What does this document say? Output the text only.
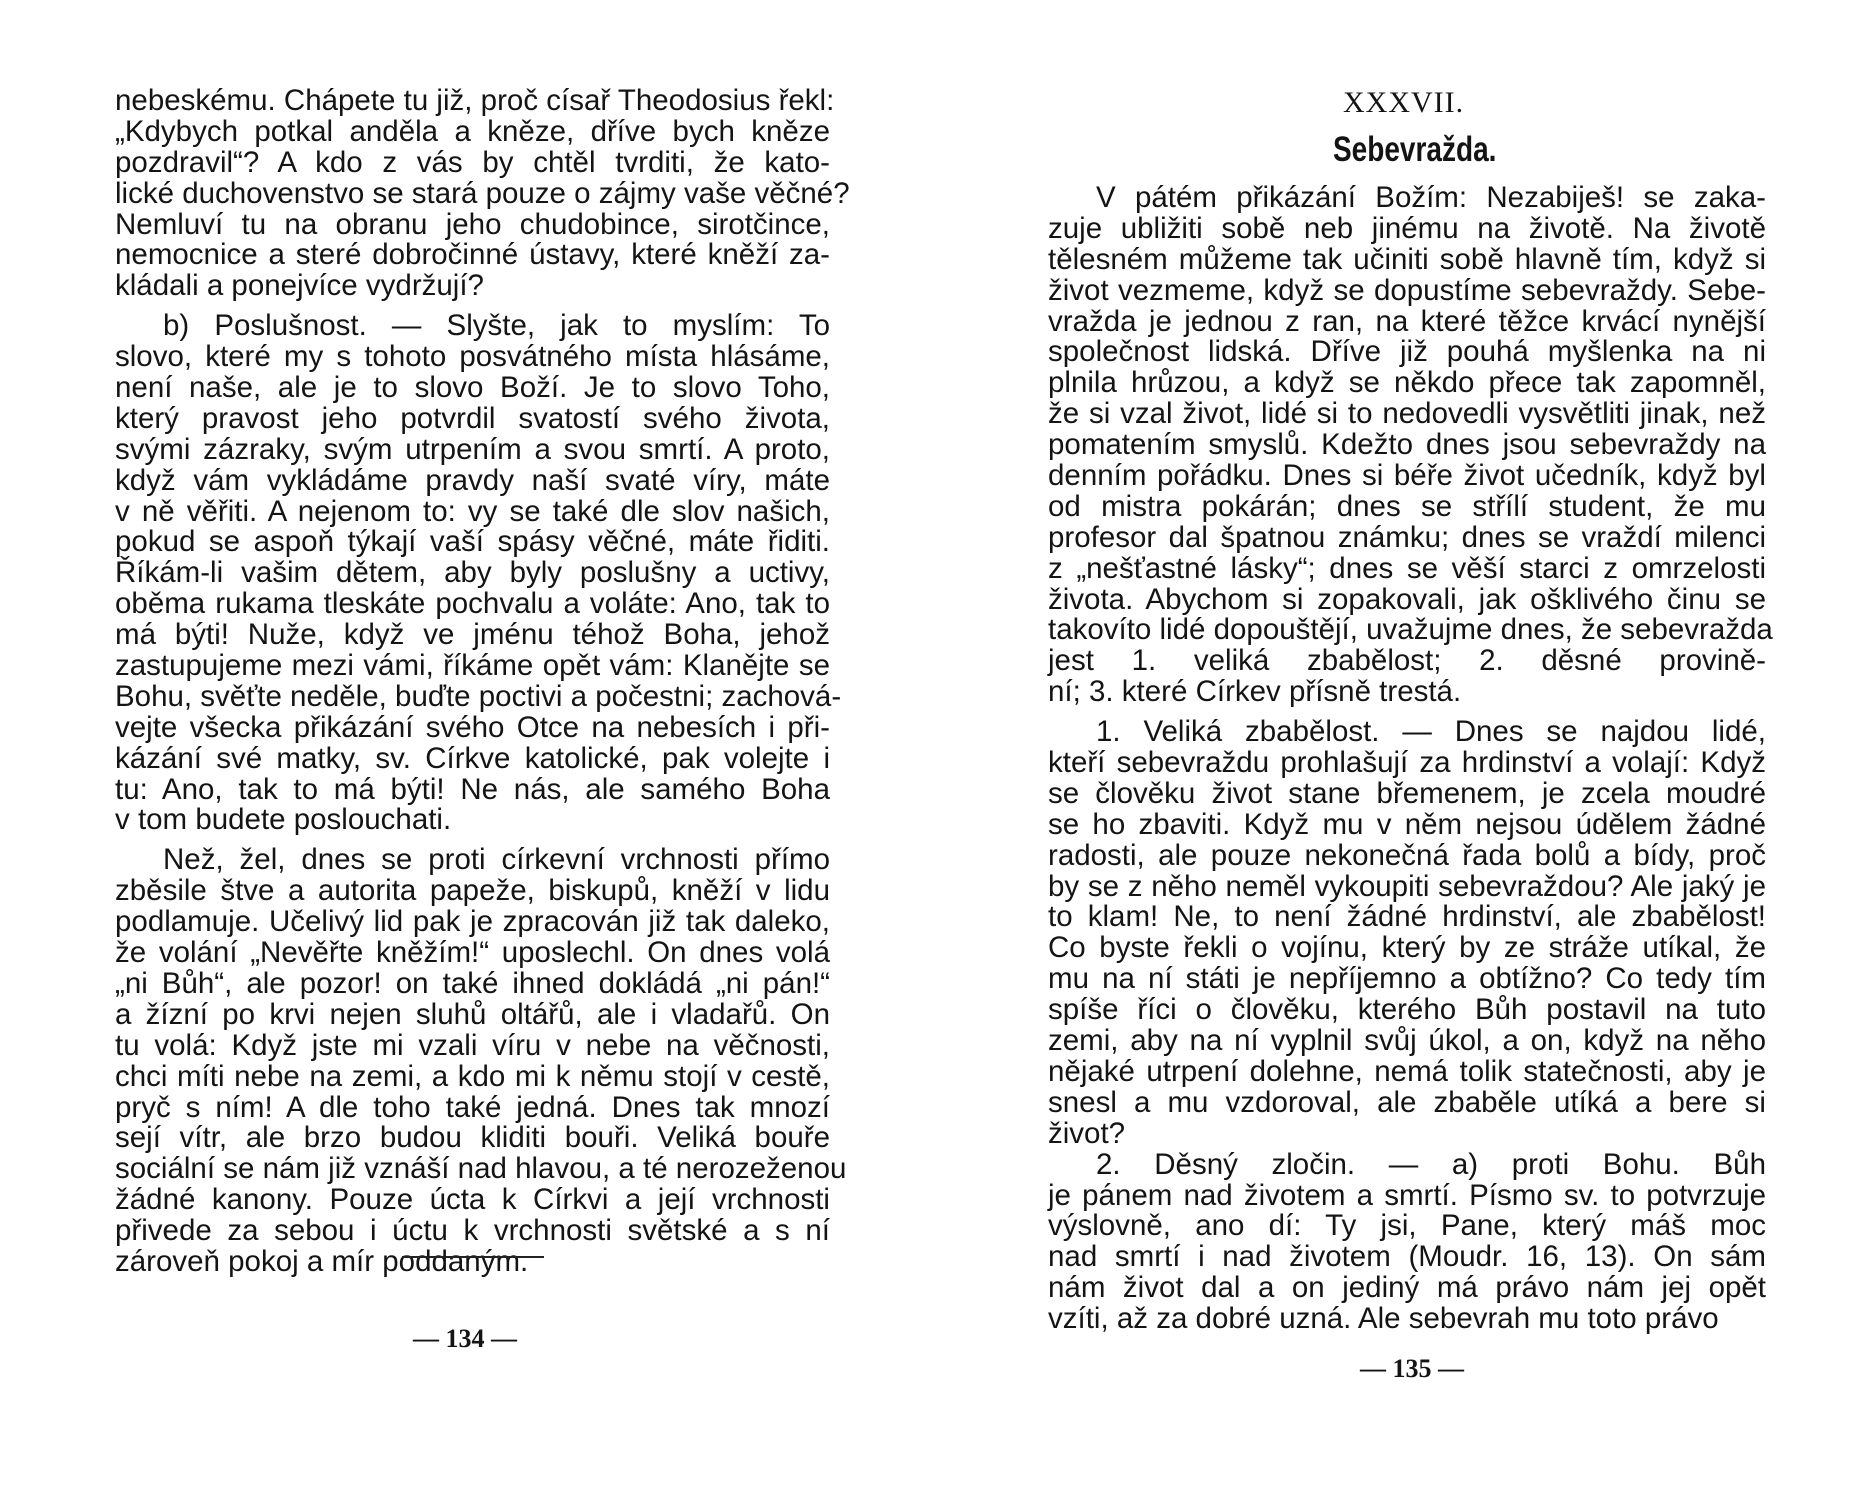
nebeskému. Chápete tu již, proč císař Theodosius řekl:
„Kdybych potkal anděla a kněze, dříve bych kněze
pozdravil“? A kdo z vás by chtěl tvrditi, že kato-
lické duchovenstvo se stará pouze o zájmy vaše věčné?
Nemluví tu na obranu jeho chudobince, sirotčince,
nemocnice a steré dobročinné ústavy, které kněží za-
kládali a ponejvíce vydržují?
b) Poslušnost. — Slyšte, jak to myslím: To
slovo, které my s tohoto posvátného místa hlásáme,
není naše, ale je to slovo Boží. Je to slovo Toho,
který pravost jeho potvrdil svatostí svého života,
svými zázraky, svým utrpením a svou smrtí. A proto,
když vám vykládáme pravdy naší svaté víry, máte
v ně věřiti. A nejenom to: vy se také dle slov našich,
pokud se aspoň týkají vaší spásy věčné, máte řiditi.
Říkám-li vašim dětem, aby byly poslušny a uctivy,
oběma rukama tleskáte pochvalu a voláte: Ano, tak to
má býti! Nuže, když ve jménu téhož Boha, jehož
zastupujeme mezi vámi, říkáme opět vám: Klanějte se
Bohu, svěťte neděle, buďte poctivi a počestni; zachová-
vejte všecka přikázání svého Otce na nebesích i při-
kázání své matky, sv. Církve katolické, pak volejte i
tu: Ano, tak to má býti! Ne nás, ale samého Boha
v tom budete poslouchati.
Než, žel, dnes se proti církevní vrchnosti přímo
zběsile štve a autorita papeže, biskupů, kněží v lidu
podlamuje. Učelivý lid pak je zpracován již tak daleko,
že volání „Nevěřte kněžím!“ uposlechl. On dnes volá
„ni Bůh“, ale pozor! on také ihned dokládá „ni pán!“
a žízní po krvi nejen sluhů oltářů, ale i vladařů. On
tu volá: Když jste mi vzali víru v nebe na věčnosti,
chci míti nebe na zemi, a kdo mi k němu stojí v cestě,
pryč s ním! A dle toho také jedná. Dnes tak mnozí
sejí vítr, ale brzo budou kliditi bouři. Veliká bouře
sociální se nám již vznáší nad hlavou, a té nerozeženou
žádné kanony. Pouze úcta k Církvi a její vrchnosti
přivede za sebou i úctu k vrchnosti světské a s ní
zároveň pokoj a mír poddaným.
— 134 —
XXXVII.
Sebevražda.
V pátém přikázání Božím: Nezabiješ! se zaka-
zuje ubližiti sobě neb jinému na životě. Na životě
tělesném můžeme tak učiniti sobě hlavně tím, když si
život vezmeme, když se dopustíme sebevraždy. Sebe-
vražda je jednou z ran, na které těžce krvácí nynější
společnost lidská. Dříve již pouhá myšlenka na ni
plnila hrůzou, a když se někdo přece tak zapomněl,
že si vzal život, lidé si to nedovedli vysvětliti jinak, než
pomatením smyslů. Kdežto dnes jsou sebevraždy na
denním pořádku. Dnes si béře život učedník, když byl
od mistra pokárán; dnes se střílí student, že mu
profesor dal špatnou známku; dnes se vraždí milenci
z „nešťastné lásky“; dnes se věší starci z omrzelosti
života. Abychom si zopakovali, jak ošklivého činu se
takovíto lidé dopouštějí, uvažujme dnes, že sebevražda
jest 1. veliká zbabělost; 2. děsné provině-
ní; 3. které Církev přísně trestá.
1. Veliká zbabělost. — Dnes se najdou lidé,
kteří sebevraždu prohlašují za hrdinství a volají: Když
se člověku život stane břemenem, je zcela moudré
se ho zbaviti. Když mu v něm nejsou údělem žádné
radosti, ale pouze nekonečná řada bolů a bídy, proč
by se z něho neměl vykoupiti sebevraždou? Ale jaký je
to klam! Ne, to není žádné hrdinství, ale zbabělost!
Co byste řekli o vojínu, který by ze stráže utíkal, že
mu na ní státi je nepříjemno a obtížno? Co tedy tím
spíše říci o člověku, kterého Bůh postavil na tuto
zemi, aby na ní vyplnil svůj úkol, a on, když na něho
nějaké utrpení dolehne, nemá tolik statečnosti, aby je
snesl a mu vzdoroval, ale zbaběle utíká a bere si
život?
2. Děsný zločin. — a) proti Bohu. Bůh
je pánem nad životem a smrtí. Písmo sv. to potvrzuje
výslovně, ano dí: Ty jsi, Pane, který máš moc
nad smrtí i nad životem (Moudr. 16, 13). On sám
nám život dal a on jediný má právo nám jej opět
vzíti, až za dobré uzná. Ale sebevrah mu toto právo
— 135 —
